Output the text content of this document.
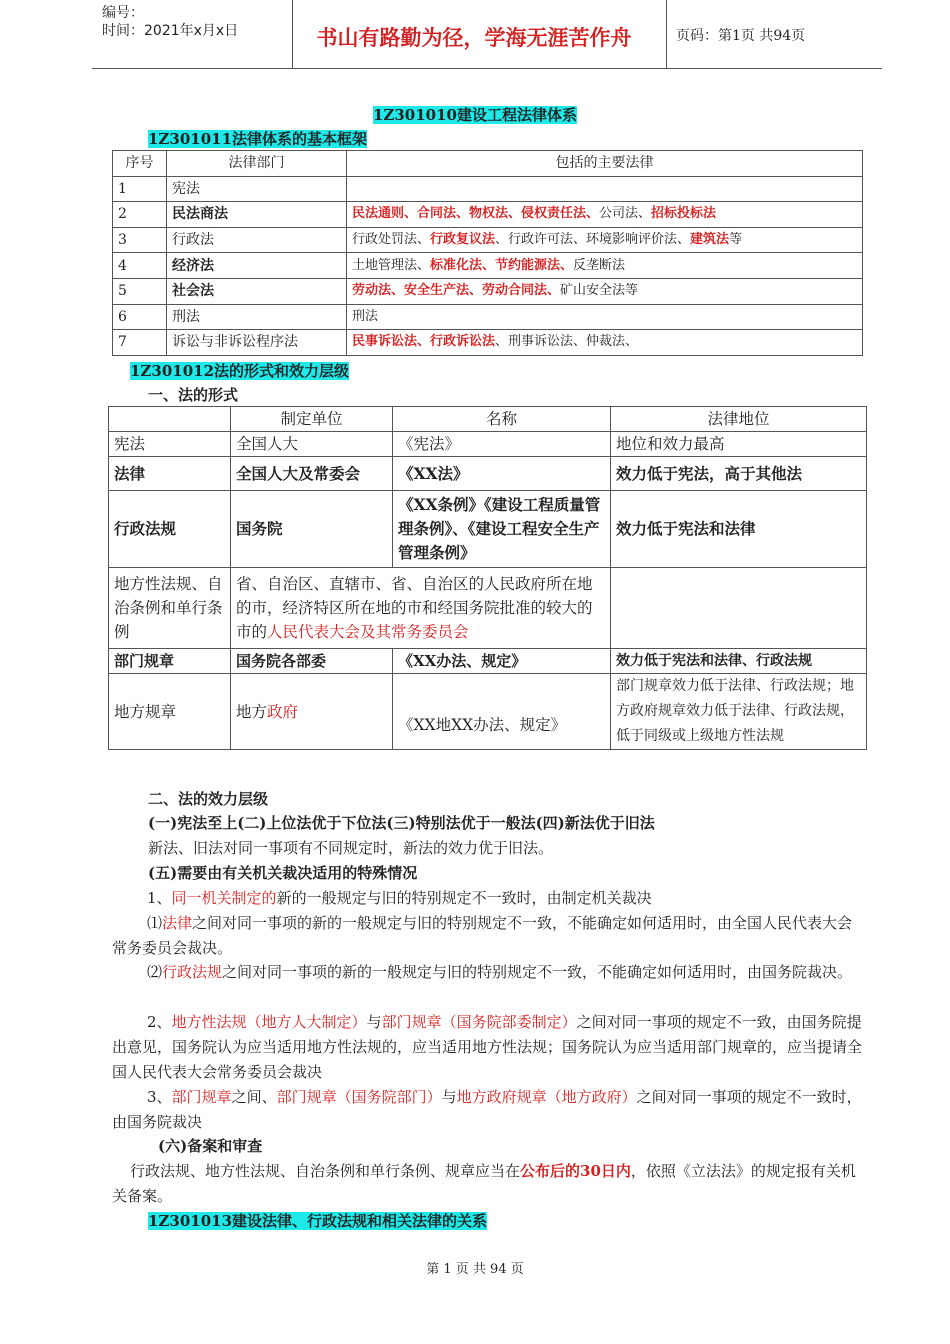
编号：
时间：2021年x月x日	书山有路勤为径，学海无涯苦作舟	页码：第1页 共94页
1Z301010建设工程法律体系
1Z301011法律体系的基本框架
序号	法律部门	包括的主要法律
1	宪法	
2	民法商法	民法通则、合同法、物权法、侵权责任法、公司法、招标投标法
3	行政法	行政处罚法、行政复议法、行政许可法、环境影响评价法、建筑法等
4	经济法	土地管理法、标准化法、节约能源法、反垄断法
5	社会法	劳动法、安全生产法、劳动合同法、矿山安全法等
6	刑法	刑法
7	诉讼与非诉讼程序法	民事诉讼法、行政诉讼法、刑事诉讼法、仲裁法、
1Z301012法的形式和效力层级
一、法的形式
	制定单位	名称	法律地位
宪法	全国人大	《宪法》	地位和效力最高
法律	全国人大及常委会	《XX法》	效力低于宪法，高于其他法
行政法规	国务院	《XX条例》《建设工程质量管理条例》、《建设工程安全生产管理条例》	效力低于宪法和法律
地方性法规、自治条例和单行条例	省、自治区、直辖市、省、自治区的人民政府所在地的市，经济特区所在地的市和经国务院批准的较大的市的人民代表大会及其常务委员会		
部门规章	国务院各部委	《XX办法、规定》	效力低于宪法和法律、行政法规
地方规章	地方政府	《XX地XX办法、规定》	部门规章效力低于法律、行政法规；地方政府规章效力低于法律、行政法规，低于同级或上级地方性法规
二、法的效力层级
(一)宪法至上(二)上位法优于下位法(三)特别法优于一般法(四)新法优于旧法
新法、旧法对同一事项有不同规定时，新法的效力优于旧法。
(五)需要由有关机关裁决适用的特殊情况
1、同一机关制定的新的一般规定与旧的特别规定不一致时，由制定机关裁决
⑴法律之间对同一事项的新的一般规定与旧的特别规定不一致，不能确定如何适用时，由全国人民代表大会常务委员会裁决。
⑵行政法规之间对同一事项的新的一般规定与旧的特别规定不一致，不能确定如何适用时，由国务院裁决。
2、地方性法规（地方人大制定）与部门规章（国务院部委制定）之间对同一事项的规定不一致，由国务院提出意见，国务院认为应当适用地方性法规的，应当适用地方性法规；国务院认为应当适用部门规章的，应当提请全国人民代表大会常务委员会裁决
3、部门规章之间、部门规章（国务院部门）与地方政府规章（地方政府）之间对同一事项的规定不一致时，由国务院裁决
(六)备案和审查
行政法规、地方性法规、自治条例和单行条例、规章应当在公布后的30日内，依照《立法法》的规定报有关机关备案。
1Z301013建设法律、行政法规和相关法律的关系
第 1 页 共 94 页
